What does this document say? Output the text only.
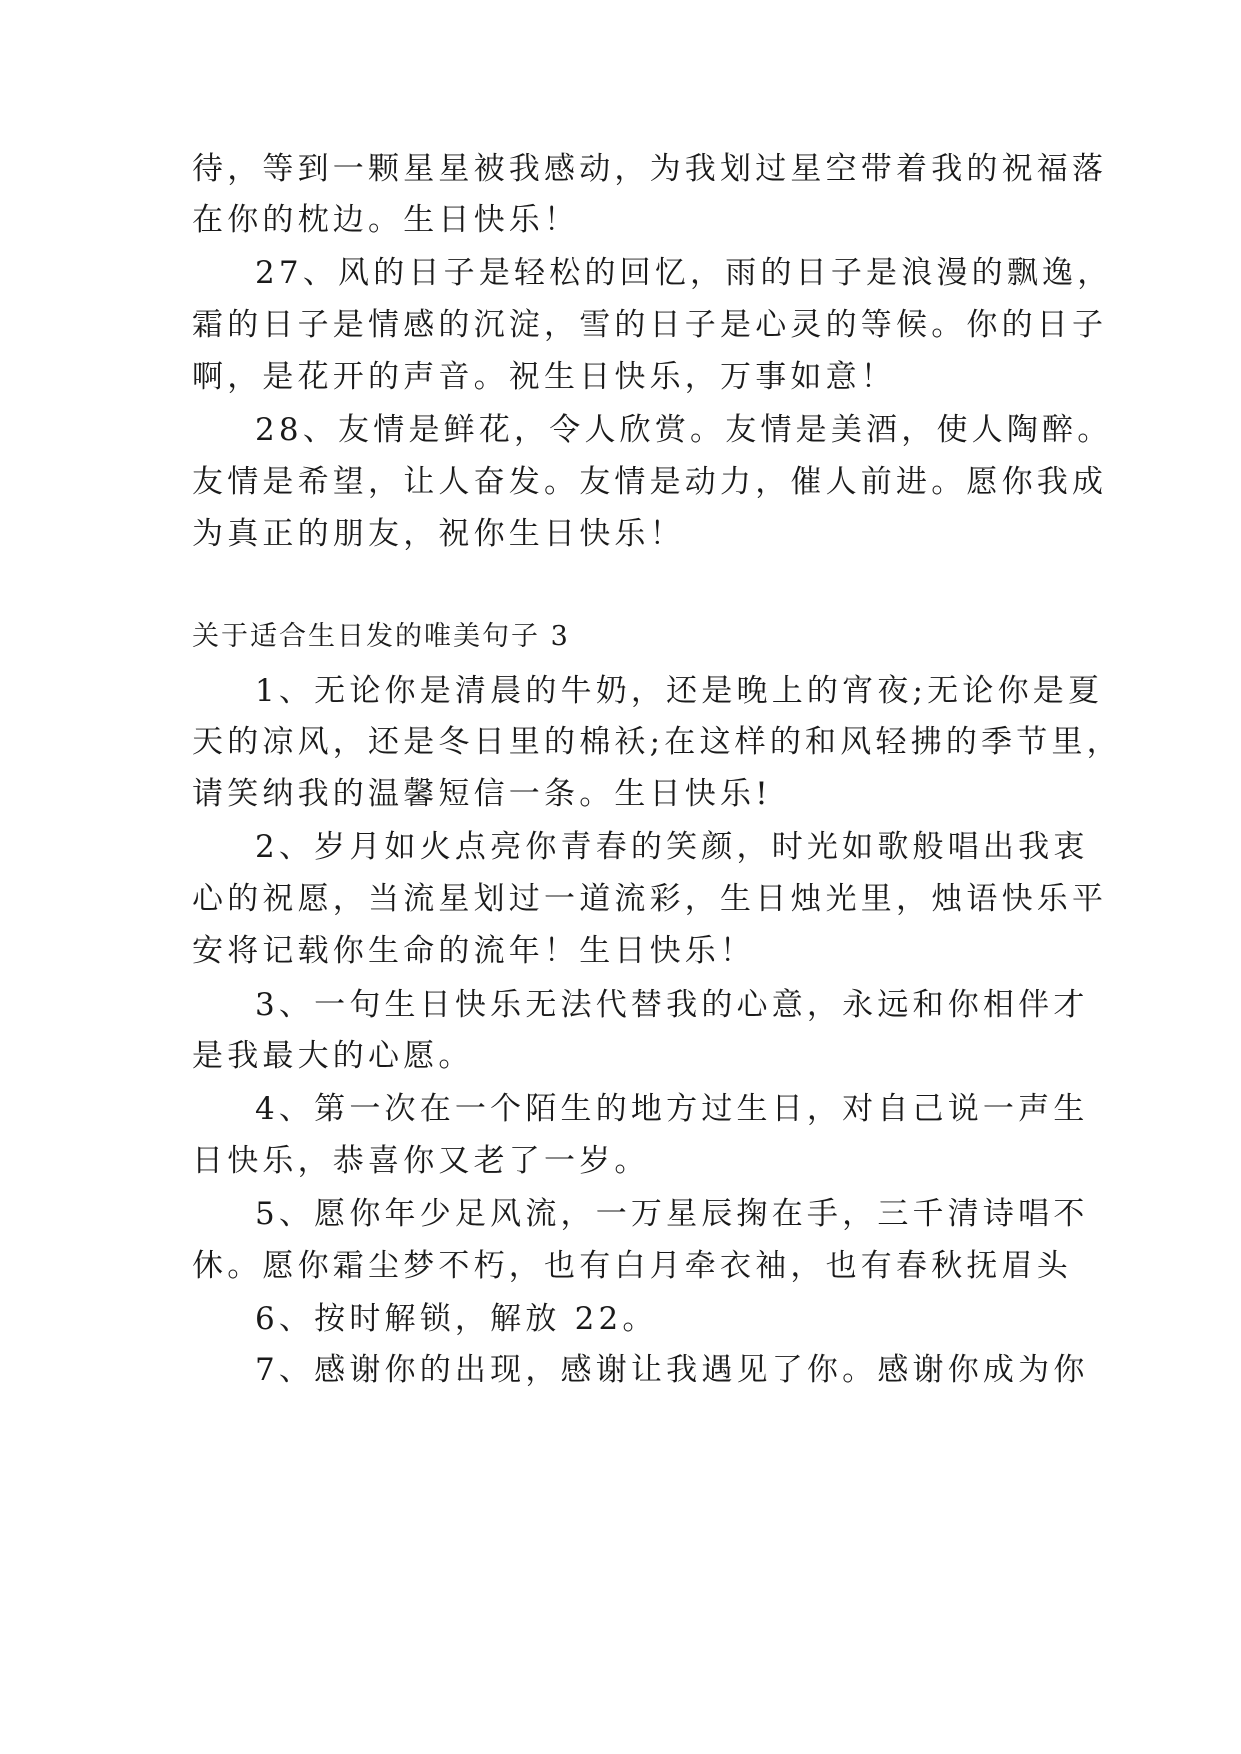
待，等到一颗星星被我感动，为我划过星空带着我的祝福落
在你的枕边。生日快乐！
27、风的日子是轻松的回忆，雨的日子是浪漫的飘逸，
霜的日子是情感的沉淀，雪的日子是心灵的等候。你的日子
啊，是花开的声音。祝生日快乐，万事如意！
28、友情是鲜花，令人欣赏。友情是美酒，使人陶醉。
友情是希望，让人奋发。友情是动力，催人前进。愿你我成
为真正的朋友，祝你生日快乐！
关于适合生日发的唯美句子 3
1、无论你是清晨的牛奶，还是晚上的宵夜;无论你是夏
天的凉风，还是冬日里的棉袄;在这样的和风轻拂的季节里，
请笑纳我的温馨短信一条。生日快乐!
2、岁月如火点亮你青春的笑颜，时光如歌般唱出我衷
心的祝愿，当流星划过一道流彩，生日烛光里，烛语快乐平
安将记载你生命的流年！生日快乐！
3、一句生日快乐无法代替我的心意，永远和你相伴才
是我最大的心愿。
4、第一次在一个陌生的地方过生日，对自己说一声生
日快乐，恭喜你又老了一岁。
5、愿你年少足风流，一万星辰掬在手，三千清诗唱不
休。愿你霜尘梦不朽，也有白月牵衣袖，也有春秋抚眉头
6、按时解锁，解放 22。
7、感谢你的出现，感谢让我遇见了你。感谢你成为你
